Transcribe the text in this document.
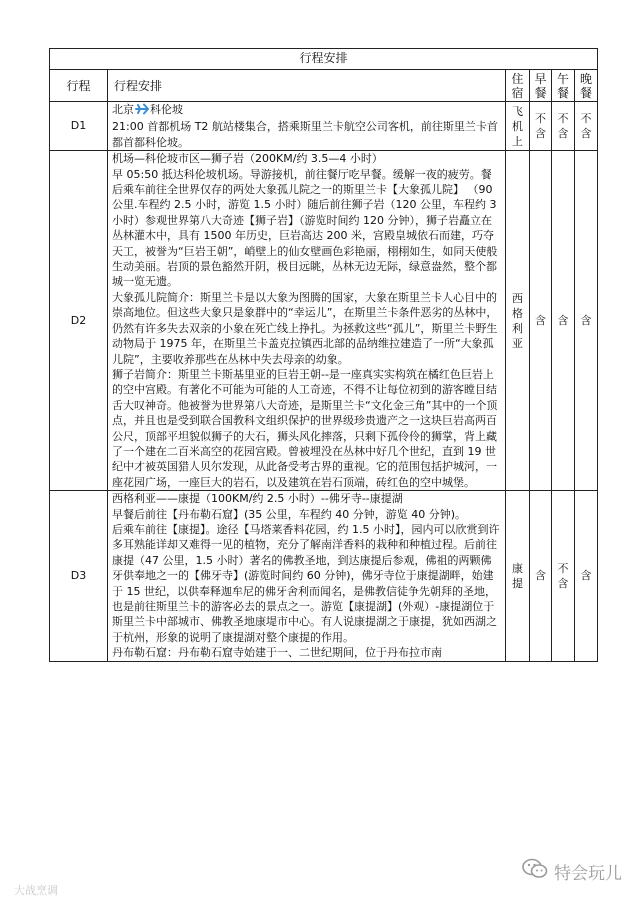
行程安排					
行程	行程安排	住宿	早餐	午餐	晚餐
D1	北京 科伦坡

21:00 首都机场 T2 航站楼集合，搭乘斯里兰卡航空公司客机，前往斯里兰卡首都首都科伦坡。	飞机上	不含	不含	不含
D2	机场—科伦坡市区—狮子岩（200KM/约 3.5—4 小时）

早 05:50 抵达科伦坡机场。导游接机，前往餐厅吃早餐。缓解一夜的疲劳。餐后乘车前往全世界仅存的两处大象孤儿院之一的斯里兰卡【大象孤儿院】 （90 公里.车程约 2.5 小时，游览 1.5 小时）随后前往狮子岩（120 公里，车程约 3 小时）参观世界第八大奇迹【狮子岩】（游览时间约 120 分钟），狮子岩矗立在丛林灌木中，具有 1500 年历史，巨岩高达 200 米，宫殿皇城依石而建，巧夺天工，被誉为“巨岩王朝”，峭壁上的仙女壁画色彩艳丽，栩栩如生，如同天使般生动美丽。岩顶的景色豁然开阴，极目远眺，丛林无边无际，绿意盎然，整个都城一览无遗。

大象孤儿院简介：斯里兰卡是以大象为图腾的国家，大象在斯里兰卡人心目中的崇高地位。但这些大象只是象群中的“幸运儿”，在斯里兰卡条件恶劣的丛林中，仍然有许多失去双亲的小象在死亡线上挣扎。为拯救这些“孤儿”，斯里兰卡野生动物局于 1975 年，在斯里兰卡盖克拉镇西北部的品纳维拉建造了一所“大象孤儿院”，主要收养那些在丛林中失去母亲的幼象。

狮子岩简介：斯里兰卡斯基里亚的巨岩王朝--是一座真实实构筑在橘红色巨岩上的空中宫殿。有著化不可能为可能的人工奇迹，不得不让每位初到的游客瞠目结舌大叹神奇。他被誉为世界第八大奇迹，是斯里兰卡“文化金三角”其中的一个顶点，并且也是受到联合国教科文组织保护的世界级珍贵遗产之一这块巨岩高两百公尺，顶部平坦貌似狮子的大石，狮头风化摔落，只剩下孤伶伶的狮掌，背上藏了一个建在二百米高空的花园宫殿。曾被埋没在丛林中好几个世纪，直到 19 世纪中才被英国猎人贝尔发现，从此备受考古界的重视。它的范围包括护城河，一座花园广场，一座巨大的岩石，以及建筑在岩石顶端，砖红色的空中城堡。	西格利亚	含	含	含
D3	西格利亚——康提（100KM/约 2.5 小时）--佛牙寺--康提湖

早餐后前往【丹布勒石窟】(35 公里，车程约 40 分钟，游览 40 分钟)。

后乘车前往【康提】。途径【马塔莱香料花园，约 1.5 小时】，园内可以欣赏到许多耳熟能详却又难得一见的植物，充分了解南洋香料的栽种和种植过程。后前往康提（47 公里，1.5 小时）著名的佛教圣地，到达康提后参观，佛祖的两颗佛牙供奉地之一的【佛牙寺】(游览时间约 60 分钟)，佛牙寺位于康提湖畔，始建于 15 世纪，以供奉释迦牟尼的佛牙舍利而闻名，是佛教信徒争先朝拜的圣地，也是前往斯里兰卡的游客必去的景点之一。游览【康提湖】(外观）-康提湖位于斯里兰卡中部城市、佛教圣地康堤市中心。有人说康提湖之于康提，犹如西湖之于杭州，形象的说明了康提湖对整个康提的作用。

丹布勒石窟：丹布勒石窟寺始建于一、二世纪期间，位于丹布拉市南	康提	含	不含	含
大战烹调
特会玩儿
